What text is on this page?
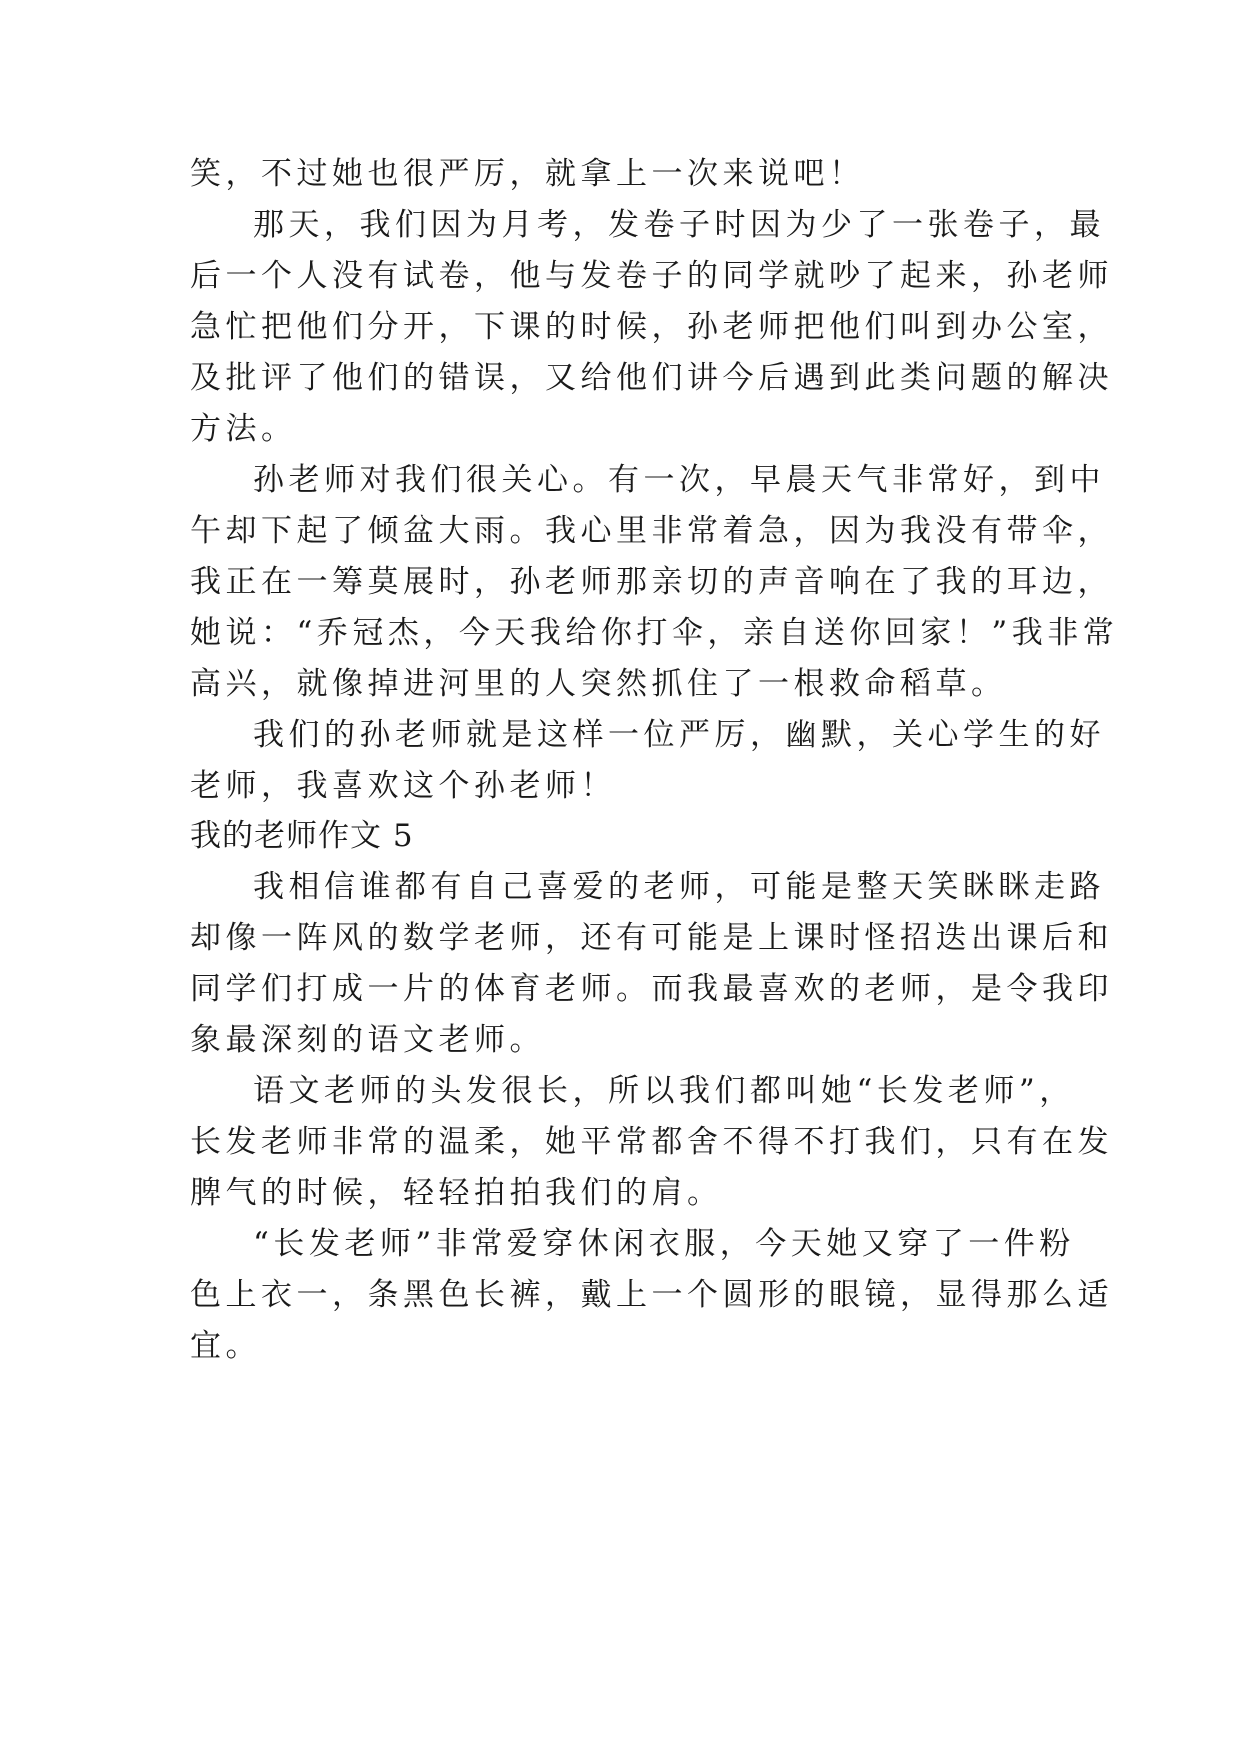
笑，不过她也很严厉，就拿上一次来说吧！
那天，我们因为月考，发卷子时因为少了一张卷子，最
后一个人没有试卷，他与发卷子的同学就吵了起来，孙老师
急忙把他们分开，下课的时候，孙老师把他们叫到办公室，
及批评了他们的错误，又给他们讲今后遇到此类问题的解决
方法。
孙老师对我们很关心。有一次，早晨天气非常好，到中
午却下起了倾盆大雨。我心里非常着急，因为我没有带伞，
我正在一筹莫展时，孙老师那亲切的声音响在了我的耳边，
她说：“乔冠杰，今天我给你打伞，亲自送你回家！”我非常
高兴，就像掉进河里的人突然抓住了一根救命稻草。
我们的孙老师就是这样一位严厉，幽默，关心学生的好
老师，我喜欢这个孙老师！
我的老师作文 5
我相信谁都有自己喜爱的老师，可能是整天笑眯眯走路
却像一阵风的数学老师，还有可能是上课时怪招迭出课后和
同学们打成一片的体育老师。而我最喜欢的老师，是令我印
象最深刻的语文老师。
语文老师的头发很长，所以我们都叫她“长发老师”，
长发老师非常的温柔，她平常都舍不得不打我们，只有在发
脾气的时候，轻轻拍拍我们的肩。
“长发老师”非常爱穿休闲衣服，今天她又穿了一件粉
色上衣一，条黑色长裤，戴上一个圆形的眼镜，显得那么适
宜。
